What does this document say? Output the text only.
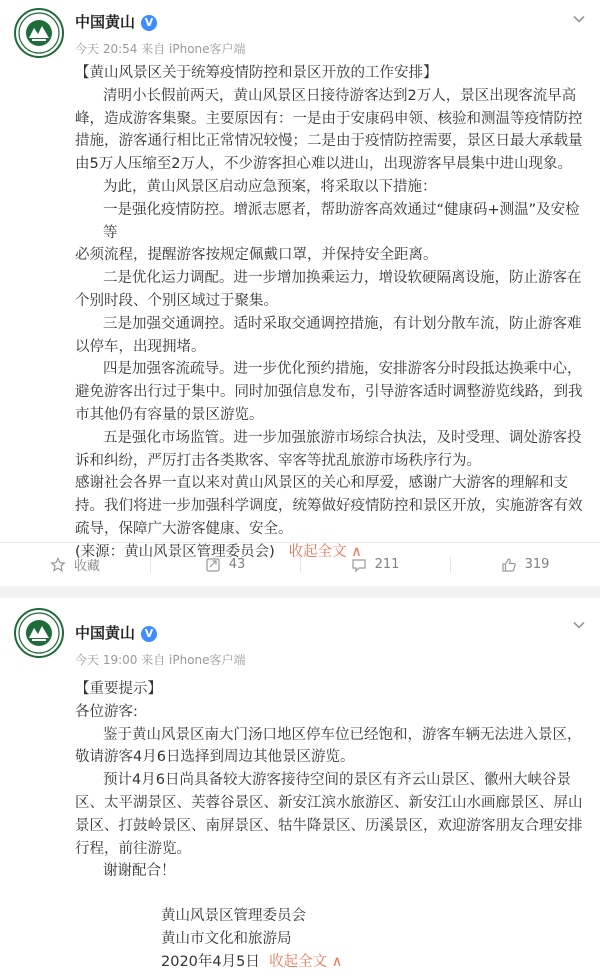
中国黄山 V
今天 20:54 来自 iPhone客户端

【黄山风景区关于统筹疫情防控和景区开放的工作安排】

清明小长假前两天，黄山风景区日接待游客达到2万人，景区出现客流早高

峰，造成游客集聚。主要原因有：一是由于安康码申领、核验和测温等疫情防控

措施，游客通行相比正常情况较慢；二是由于疫情防控需要，景区日最大承载量

由5万人压缩至2万人，不少游客担心难以进山，出现游客早晨集中进山现象。

为此，黄山风景区启动应急预案，将采取以下措施：

一是强化疫情防控。增派志愿者，帮助游客高效通过“健康码+测温”及安检等

必须流程，提醒游客按规定佩戴口罩，并保持安全距离。

二是优化运力调配。进一步增加换乘运力，增设软硬隔离设施，防止游客在

个别时段、个别区域过于聚集。

三是加强交通调控。适时采取交通调控措施，有计划分散车流，防止游客难

以停车，出现拥堵。

四是加强客流疏导。进一步优化预约措施，安排游客分时段抵达换乘中心，

避免游客出行过于集中。同时加强信息发布，引导游客适时调整游览线路，到我

市其他仍有容量的景区游览。

五是强化市场监管。进一步加强旅游市场综合执法，及时受理、调处游客投

诉和纠纷，严厉打击各类欺客、宰客等扰乱旅游市场秩序行为。

感谢社会各界一直以来对黄山风景区的关心和厚爱，感谢广大游客的理解和支

持。我们将进一步加强科学调度，统筹做好疫情防控和景区开放，实施游客有效

疏导，保障广大游客健康、安全。

(来源：黄山风景区管理委员会) 收起全文 ∧

收藏	43	211	319
中国黄山 V
今天 19:00 来自 iPhone客户端

【重要提示】

各位游客:

鉴于黄山风景区南大门汤口地区停车位已经饱和，游客车辆无法进入景区，

敬请游客4月6日选择到周边其他景区游览。

预计4月6日尚具备较大游客接待空间的景区有齐云山景区、徽州大峡谷景

区、太平湖景区、芙蓉谷景区、新安江滨水旅游区、新安江山水画廊景区、屏山

景区、打鼓岭景区、南屏景区、牯牛降景区、历溪景区，欢迎游客朋友合理安排

行程，前往游览。

谢谢配合！

黄山风景区管理委员会

黄山市文化和旅游局

2020年4月5日 收起全文 ∧
